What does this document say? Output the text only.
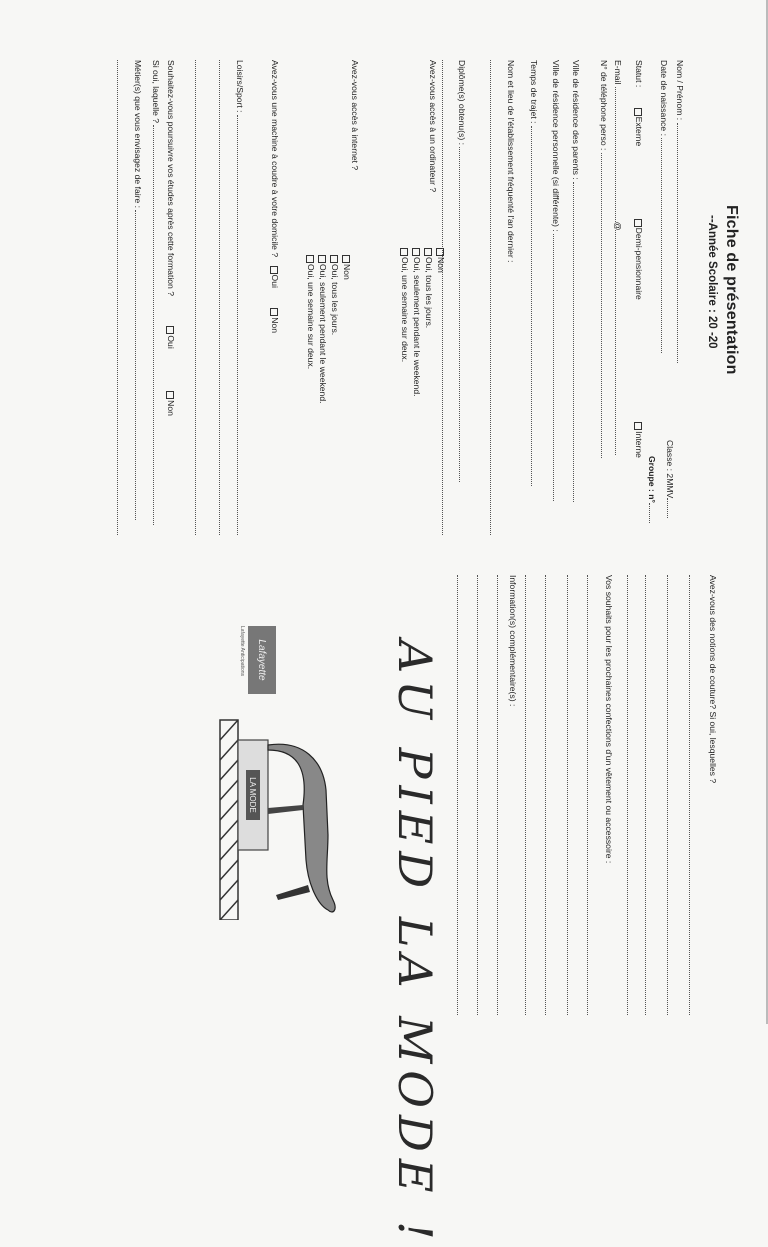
Fiche de présentation
--Année Scolaire : 20 -20
Nom / Prénom :
Date de naissance :
Classe : 2MMV
Groupe : n°
Statut : Externe Demi-pensionnaire Interne
E-mail @
N° de téléphone perso :
Ville de résidence des parents :
Ville de résidence personnelle (si différente) :
Temps de trajet :
Nom et lieu de l'établissement fréquenté l'an dernier :
Diplôme(s) obtenu(s) :
Avez-vous accès à un ordinateur ?
Non
Oui, tous les jours.
Oui, seulement pendant le weekend.
Oui, une semaine sur deux.
Avez-vous accès à internet ?
Non
Oui, tous les jours.
Oui, seulement pendant le weekend.
Oui, une semaine sur deux.
Avez-vous une machine à coudre à votre domicile ? Oui Non
Loisirs/Sport :
Souhaitez-vous poursuivre vos études après cette formation ? Oui Non
Si oui, laquelle ?
Métier(s) que vous envisagez de faire :
Avez-vous des notions de couture? Si oui, lesquelles ?
Vos souhaits pour les prochaines confections d'un vêtement ou accessoire :
Information(s) complémentaire(s) :
AU PIED LA MODE !
Lafayette
Lafayette Anticipations
LA MODE
